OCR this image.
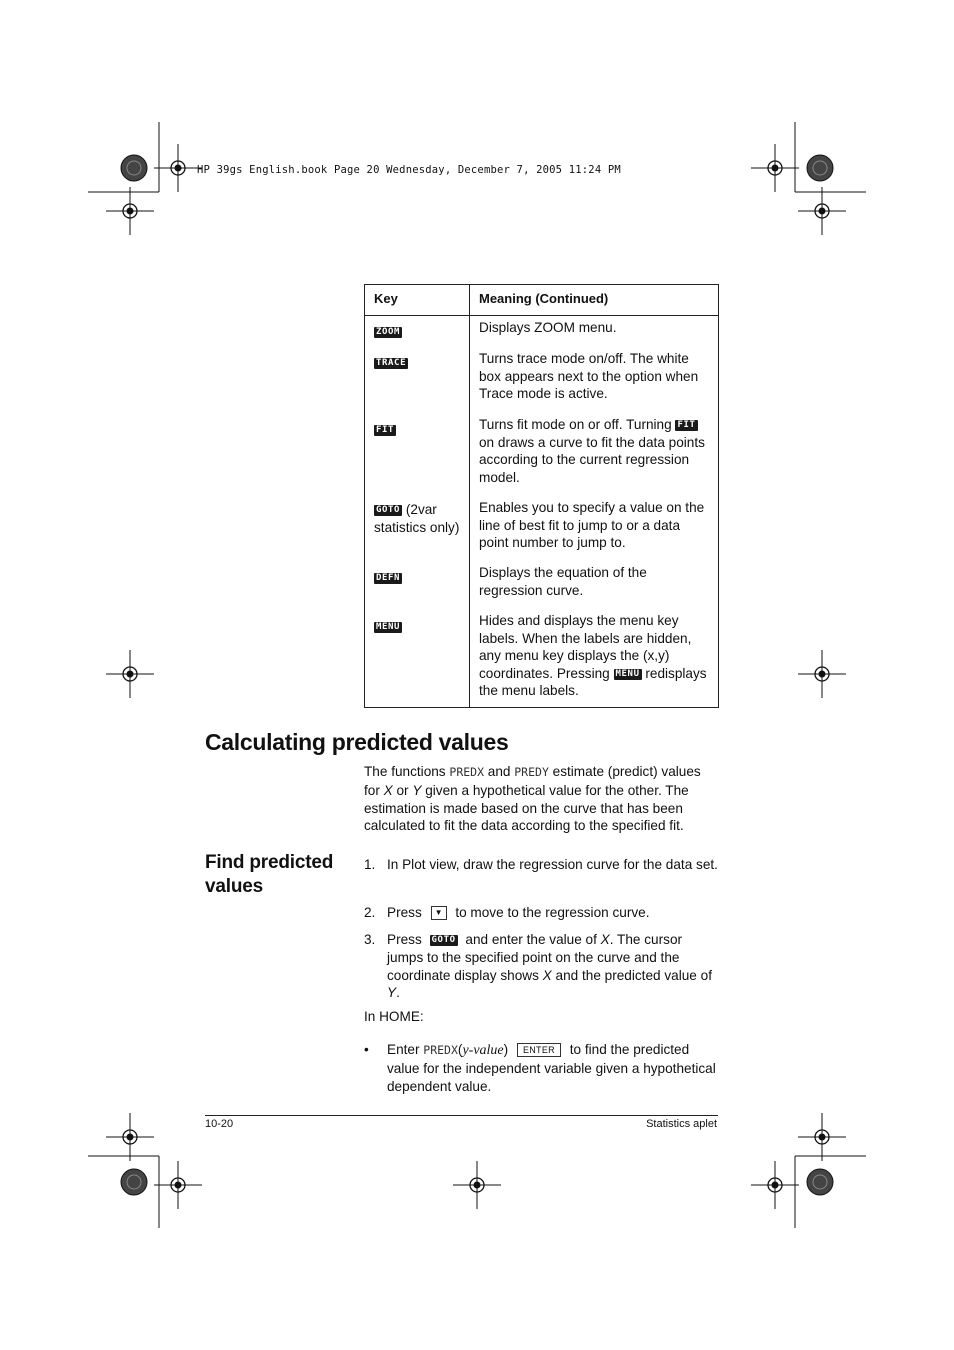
HP 39gs English.book Page 20 Wednesday, December 7, 2005 11:24 PM
Key	Meaning (Continued)
ZOOM
TRACE
FIT
GOTO (2var statistics only)
DEFN
MENU
Displays ZOOM menu.
Turns trace mode on/off. The white box appears next to the option when Trace mode is active.
Turns fit mode on or off. Turning FIT on draws a curve to fit the data points according to the current regression model.
Enables you to specify a value on the line of best fit to jump to or a data point number to jump to.
Displays the equation of the regression curve.
Hides and displays the menu key labels. When the labels are hidden, any menu key displays the (x,y) coordinates. Pressing MENU redisplays the menu labels.
Calculating predicted values
The functions PREDX and PREDY estimate (predict) values for X or Y given a hypothetical value for the other. The estimation is made based on the curve that has been calculated to fit the data according to the specified fit.
Find predicted values
1. In Plot view, draw the regression curve for the data set.
2. Press ▼ to move to the regression curve.
3. Press GOTO and enter the value of X. The cursor jumps to the specified point on the curve and the coordinate display shows X and the predicted value of Y.
In HOME:
• Enter PREDX(y-value) ENTER to find the predicted value for the independent variable given a hypothetical dependent value.
10-20	Statistics aplet
